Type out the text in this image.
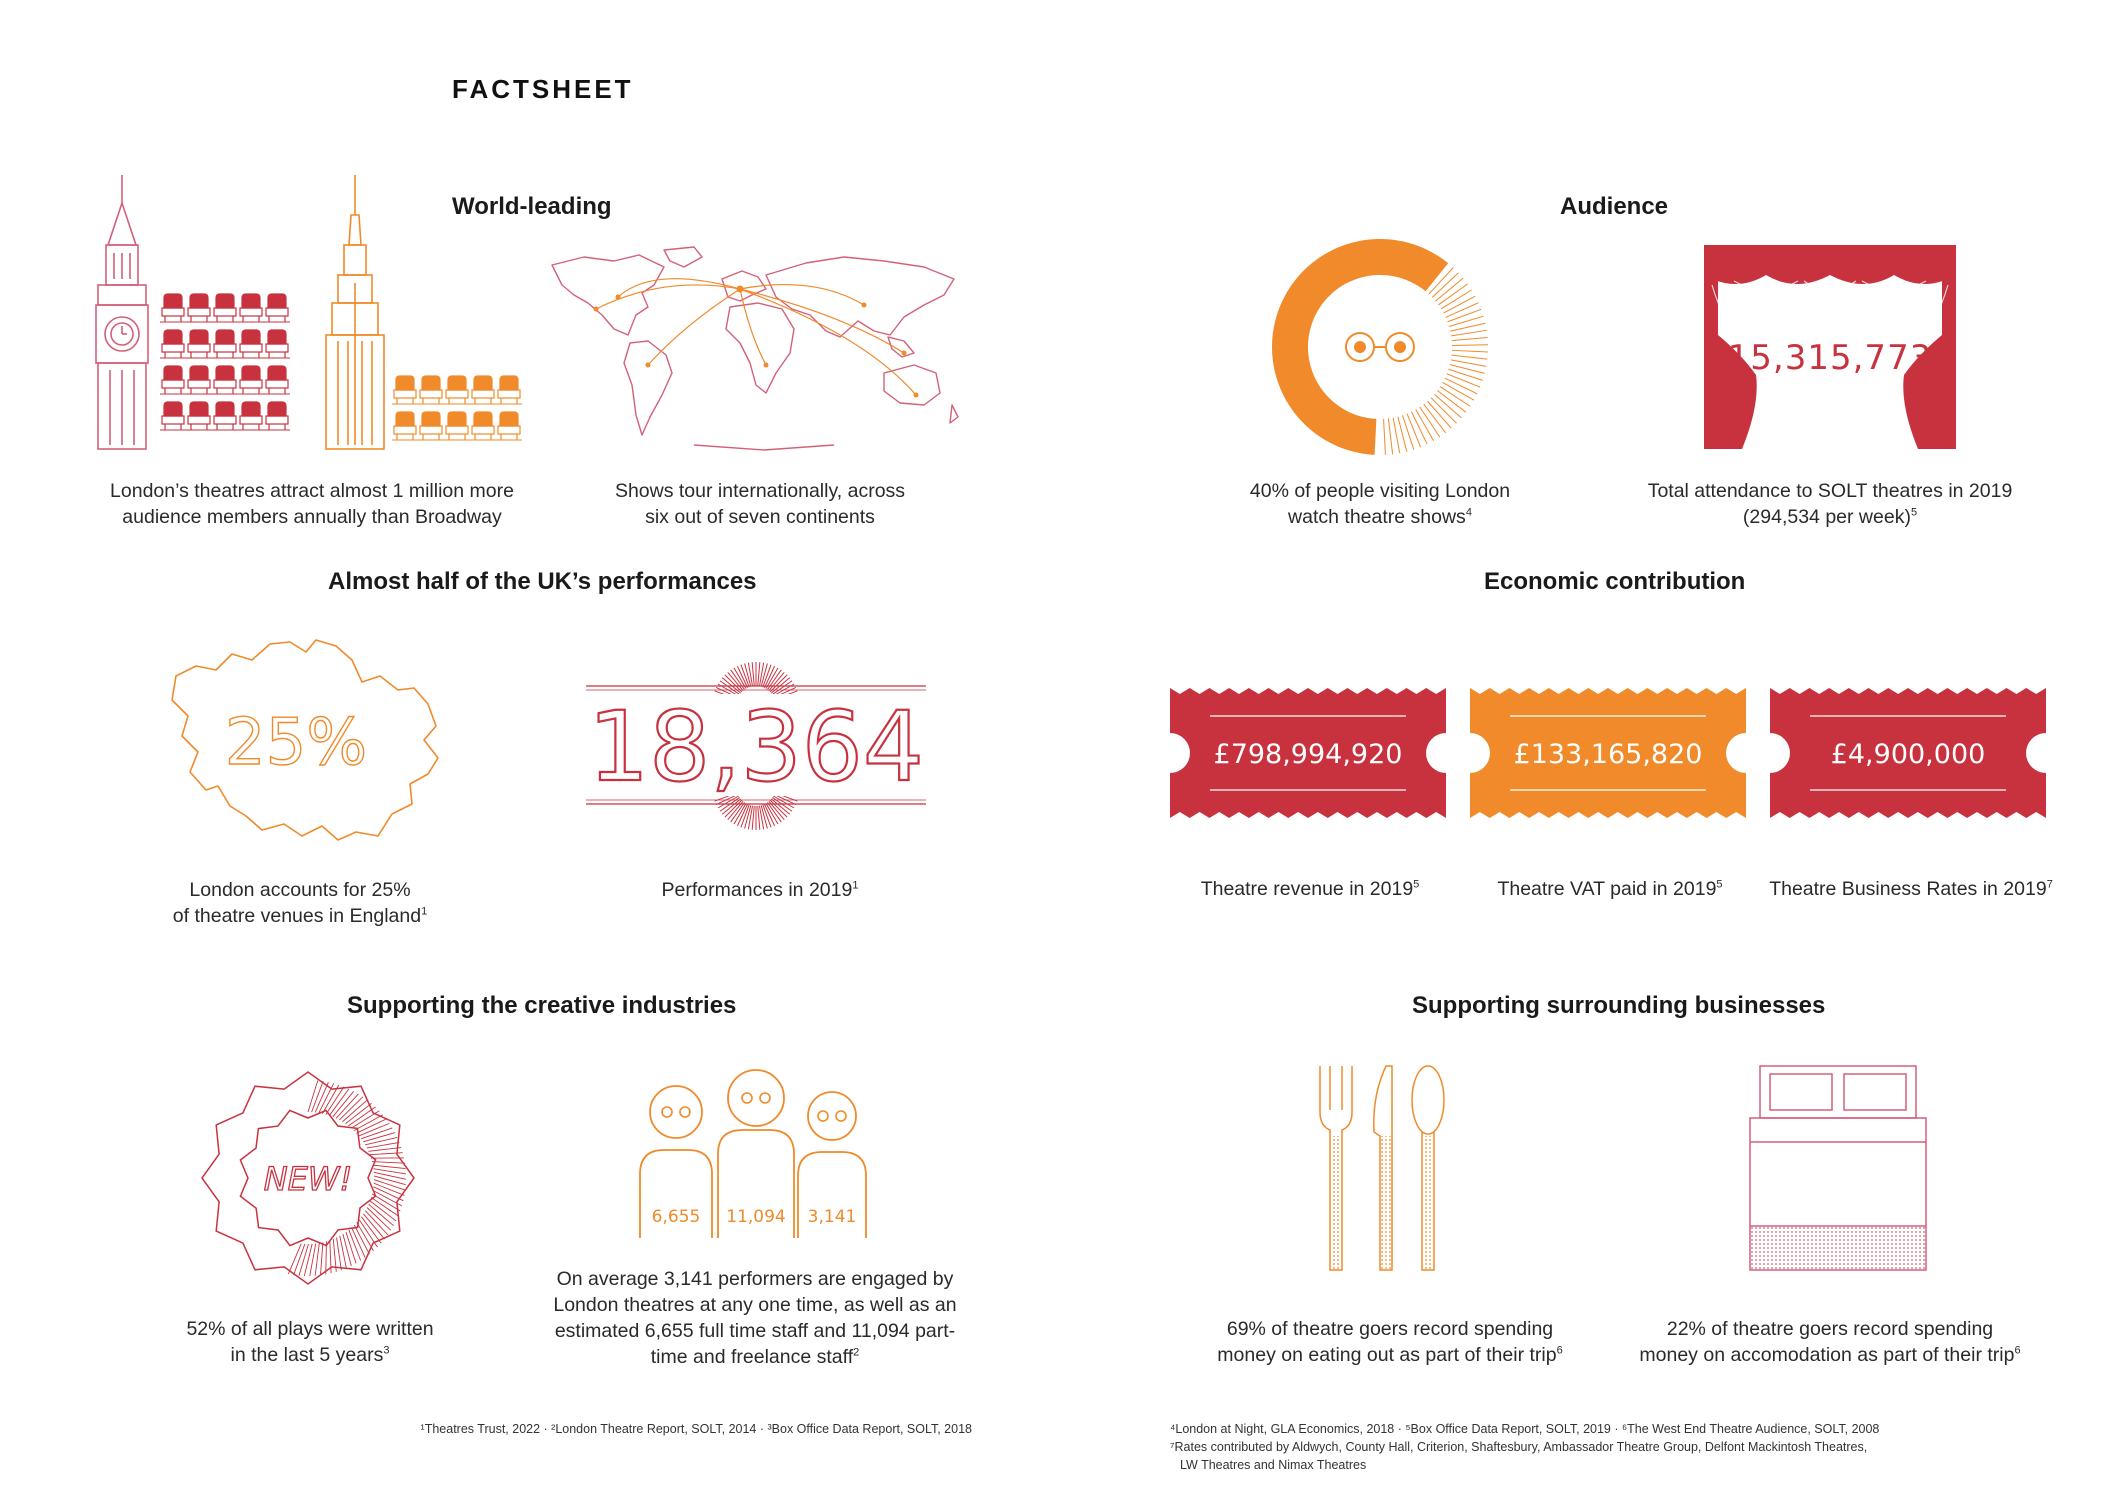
FACTSHEET
World-leading
London’s theatres attract almost 1 million more
audience members annually than Broadway
Shows tour internationally, across
six out of seven continents
Audience
15,315,773
40% of people visiting London
watch theatre shows$^4$
Total attendance to SOLT theatres in 2019
(294,534 per week)$^5$
Almost half of the UK’s performances
25% 18,364
London accounts for 25%
of theatre venues in England$^1$
Performances in 2019$^1$
Economic contribution
£798,994,920	£133,165,820	£4,900,000
Theatre revenue in 2019$^5$	Theatre VAT paid in 2019$^5$	Theatre Business Rates in 2019$^7$
Supporting the creative industries
NEW!
6,655 11,094 3,141
52% of all plays were written
in the last 5 years$^3$
On average 3,141 performers are engaged by
London theatres at any one time, as well as an
estimated 6,655 full time staff and 11,094 part-
time and freelance staff$^2$
Supporting surrounding businesses
69% of theatre goers record spending
money on eating out as part of their trip$^6$
22% of theatre goers record spending
money on accomodation as part of their trip$^6$
¹Theatres Trust, 2022 · ²London Theatre Report, SOLT, 2014 · ³Box Office Data Report, SOLT, 2018	⁴London at Night, GLA Economics, 2018 · ⁵Box Office Data Report, SOLT, 2019 · ⁶The West End Theatre Audience, SOLT, 2008
⁷Rates contributed by Aldwych, County Hall, Criterion, Shaftesbury, Ambassador Theatre Group, Delfont Mackintosh Theatres,
LW Theatres and Nimax Theatres
